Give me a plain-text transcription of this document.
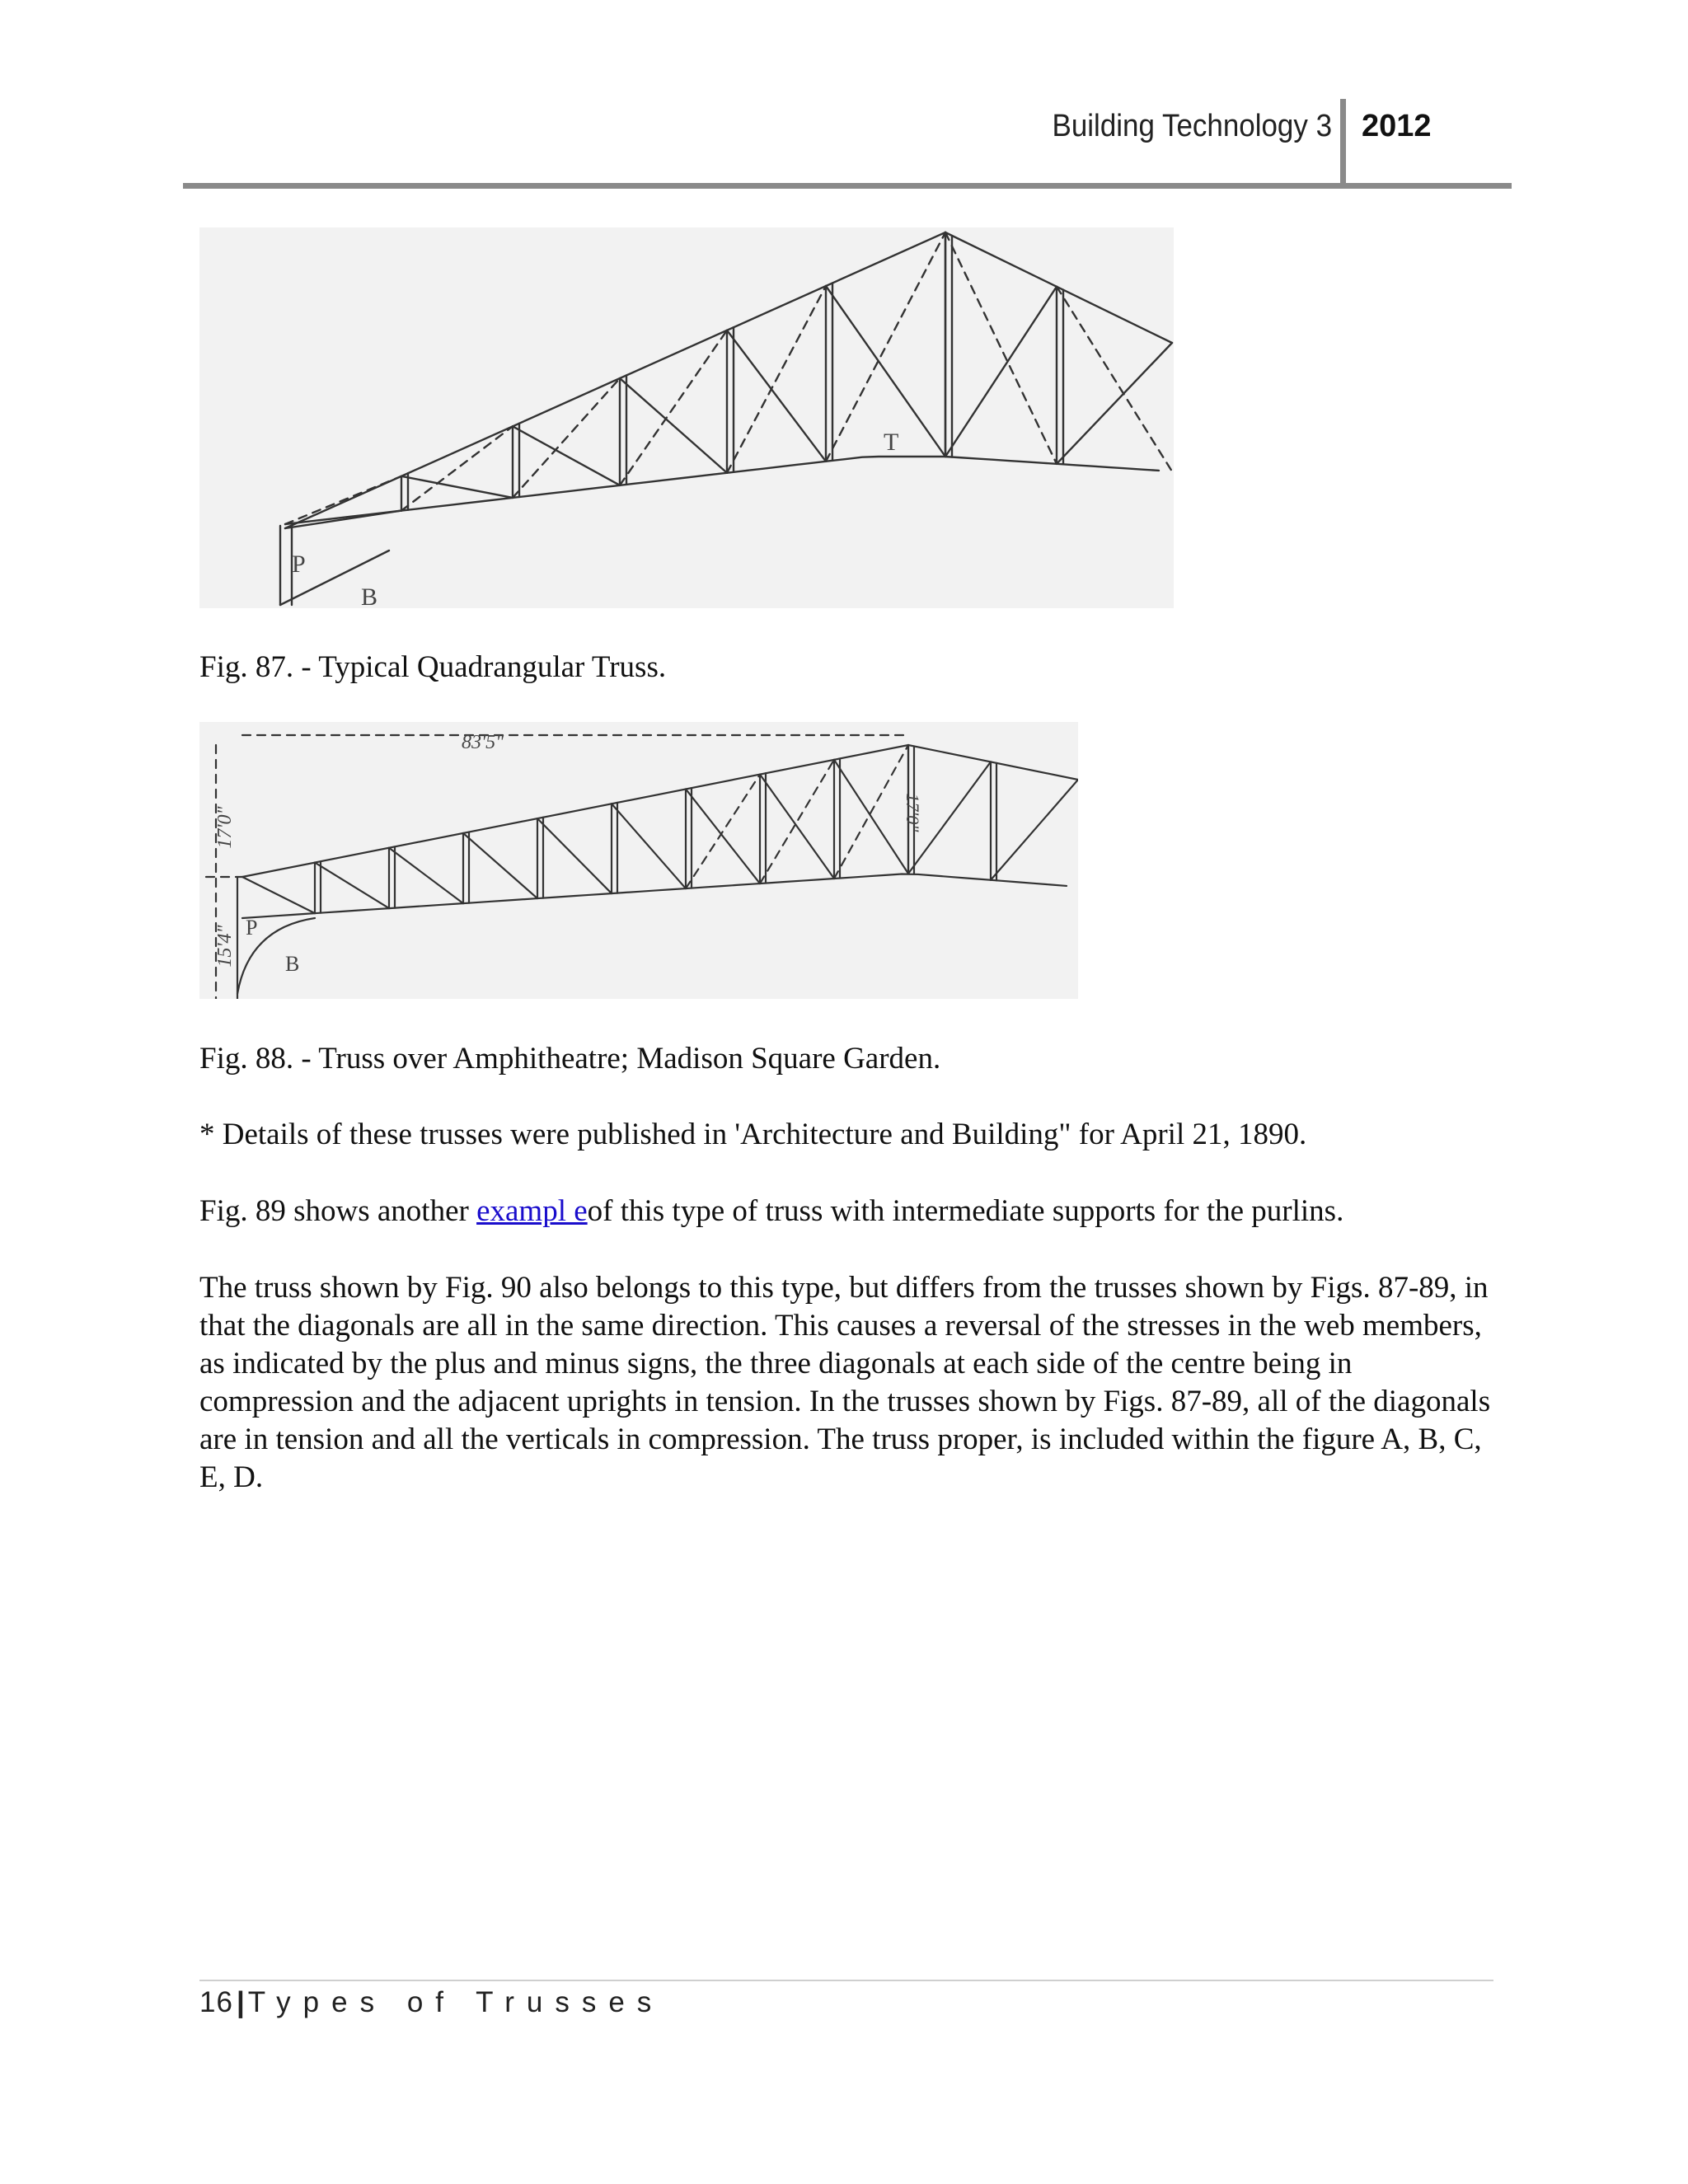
Building Technology 3 2012
P
B
T

Fig. 87. - Typical Quadrangular Truss.

83'5"
17'0"
15'4"
17'0"
P
B

Fig. 88. - Truss over Amphitheatre; Madison Square Garden.

* Details of these trusses were published in 'Architecture and Building" for April 21, 1890.

Fig. 89 shows another exampl eof this type of truss with intermediate supports for the purlins.

The truss shown by Fig. 90 also belongs to this type, but differs from the trusses shown by Figs. 87-89, in that the diagonals are all in the same direction. This causes a reversal of the stresses in the web members, as indicated by the plus and minus signs, the three diagonals at each side of the centre being in compression and the adjacent uprights in tension. In the trusses shown by Figs. 87-89, all of the diagonals are in tension and all the verticals in compression. The truss proper, is included within the figure A, B, C, E, D.

16 | Types of Trusses
